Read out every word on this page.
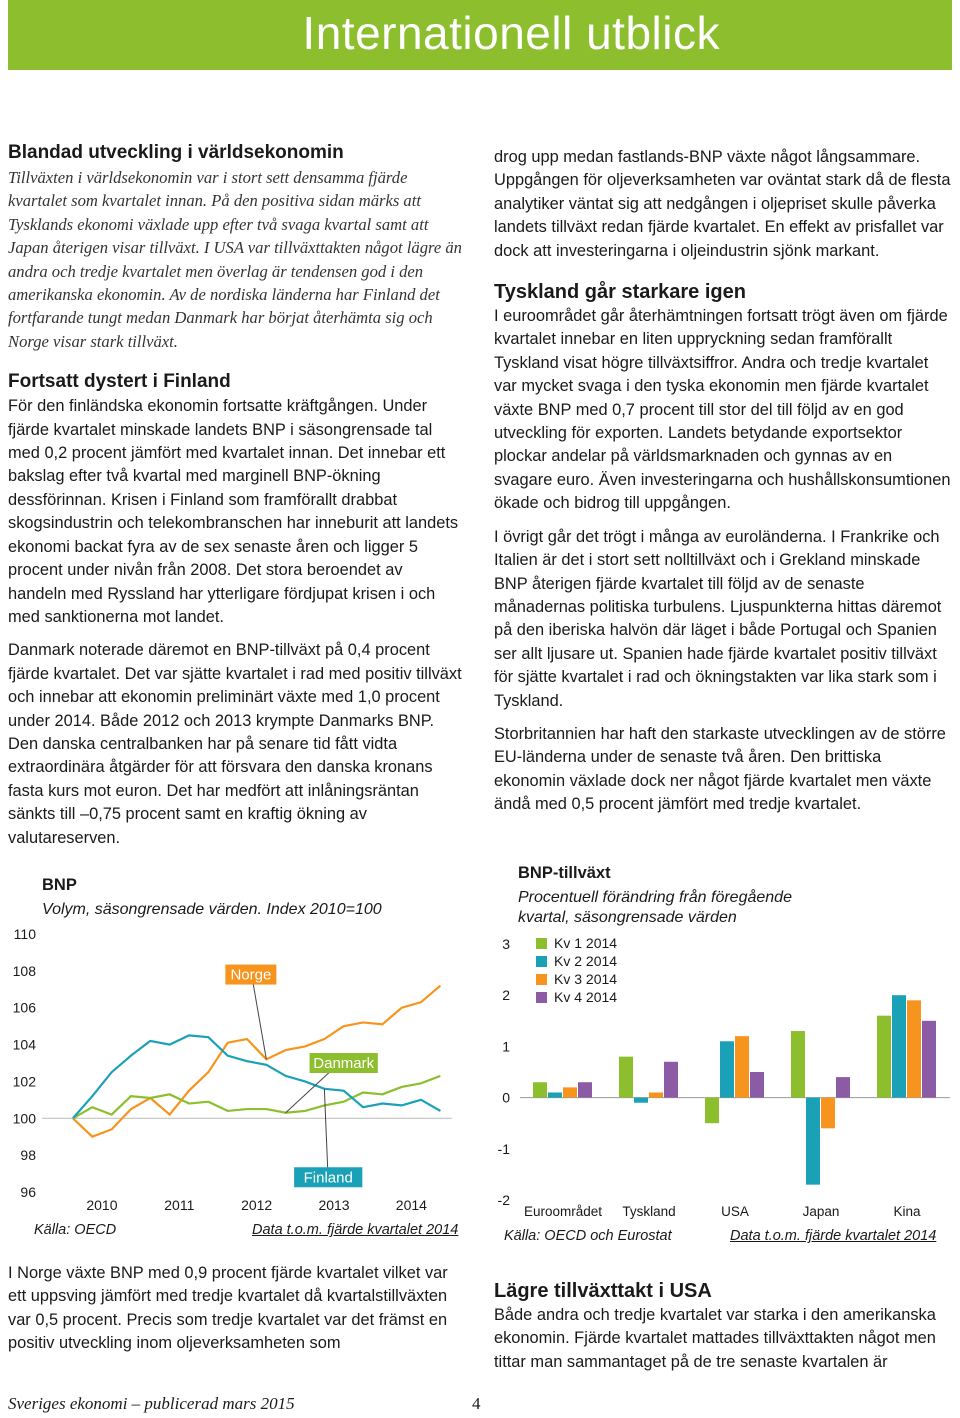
Internationell utblick

Blandad utveckling i världsekonomin

Tillväxten i världsekonomin var i stort sett densamma fjärde kvartalet som kvartalet innan. På den positiva sidan märks att Tysklands ekonomi växlade upp efter två svaga kvartal samt att Japan återigen visar tillväxt. I USA var tillväxttakten något lägre än andra och tredje kvartalet men överlag är tendensen god i den amerikanska ekonomin. Av de nordiska länderna har Finland det fortfarande tungt medan Danmark har börjat återhämta sig och Norge visar stark tillväxt.

Fortsatt dystert i Finland

För den finländska ekonomin fortsatte kräftgången. Under fjärde kvartalet minskade landets BNP i säsongrensade tal med 0,2 procent jämfört med kvartalet innan. Det innebar ett bakslag efter två kvartal med marginell BNP-ökning dessförinnan. Krisen i Finland som framförallt drabbat skogsindustrin och telekombranschen har inneburit att landets ekonomi backat fyra av de sex senaste åren och ligger 5 procent under nivån från 2008. Det stora beroendet av handeln med Ryssland har ytterligare fördjupat krisen i och med sanktionerna mot landet.

Danmark noterade däremot en BNP-tillväxt på 0,4 procent fjärde kvartalet. Det var sjätte kvartalet i rad med positiv tillväxt och innebar att ekonomin preliminärt växte med 1,0 procent under 2014. Både 2012 och 2013 krympte Danmarks BNP. Den danska centralbanken har på senare tid fått vidta extraordinära åtgärder för att försvara den danska kronans fasta kurs mot euron. Det har medfört att inlåningsräntan sänkts till –0,75 procent samt en kraftig ökning av valutareserven.

BNP
Volym, säsongrensade värden. Index 2010=100
96
98
100
102
104
106
108
110
2010	2011	2012	2013	2014
Norge
Danmark
Finland
Källa: OECD	Data t.o.m. fjärde kvartalet 2014

I Norge växte BNP med 0,9 procent fjärde kvartalet vilket var ett uppsving jämfört med tredje kvartalet då kvartalstillväxten var 0,5 procent. Precis som tredje kvartalet var det främst en positiv utveckling inom oljeverksamheten som

drog upp medan fastlands-BNP växte något långsammare. Uppgången för oljeverksamheten var oväntat stark då de flesta analytiker väntat sig att nedgången i oljepriset skulle påverka landets tillväxt redan fjärde kvartalet. En effekt av prisfallet var dock att investeringarna i oljeindustrin sjönk markant.

Tyskland går starkare igen

I euroområdet går återhämtningen fortsatt trögt även om fjärde kvartalet innebar en liten uppryckning sedan framförallt Tyskland visat högre tillväxtsiffror. Andra och tredje kvartalet var mycket svaga i den tyska ekonomin men fjärde kvartalet växte BNP med 0,7 procent till stor del till följd av en god utveckling för exporten. Landets betydande exportsektor plockar andelar på världsmarknaden och gynnas av en svagare euro. Även investeringarna och hushållskonsumtionen ökade och bidrog till uppgången.

I övrigt går det trögt i många av euroländerna. I Frankrike och Italien är det i stort sett nolltillväxt och i Grekland minskade BNP återigen fjärde kvartalet till följd av de senaste månadernas politiska turbulens. Ljuspunkterna hittas däremot på den iberiska halvön där läget i både Portugal och Spanien ser allt ljusare ut. Spanien hade fjärde kvartalet positiv tillväxt för sjätte kvartalet i rad och ökningstakten var lika stark som i Tyskland.

Storbritannien har haft den starkaste utvecklingen av de större EU-länderna under de senaste två åren. Den brittiska ekonomin växlade dock ner något fjärde kvartalet men växte ändå med 0,5 procent jämfört med tredje kvartalet.

BNP-tillväxt
Procentuell förändring från föregående kvartal, säsongrensade värden
-2
-1
0
1
2
3
Euroområdet Tyskland	USA	Japan	Kina
Kv 1 2014
Kv 2 2014
Kv 3 2014
Kv 4 2014
Källa: OECD och Eurostat	Data t.o.m. fjärde kvartalet 2014

Lägre tillväxttakt i USA

Både andra och tredje kvartalet var starka i den amerikanska ekonomin. Fjärde kvartalet mattades tillväxttakten något men tittar man sammantaget på de tre senaste kvartalen är

Sveriges ekonomi – publicerad mars 2015	4
